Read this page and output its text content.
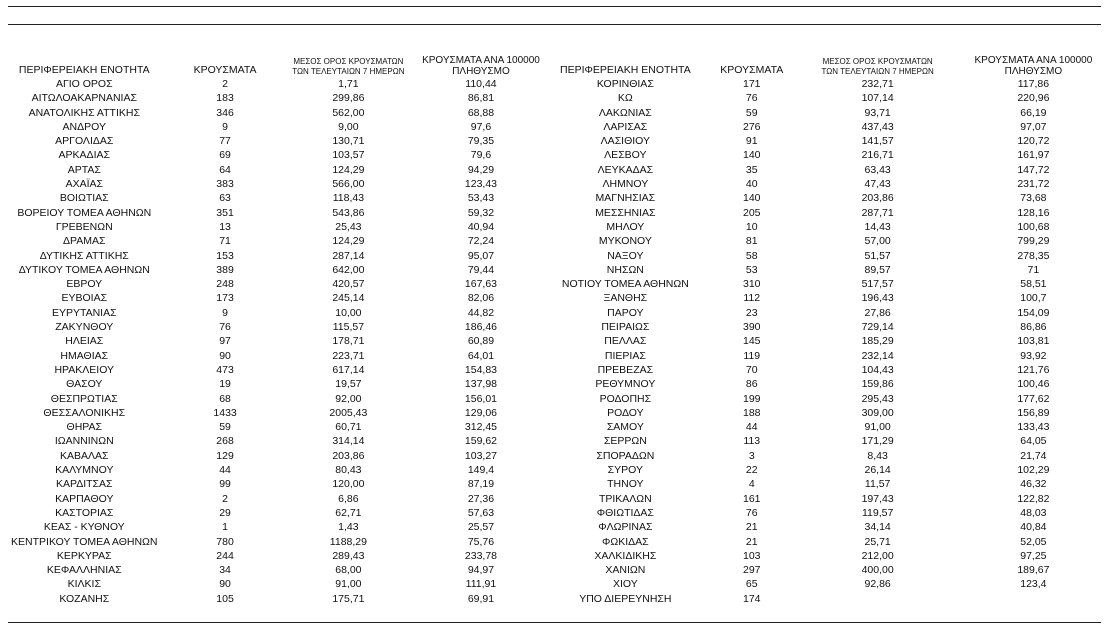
ΠΕΡΙΦΕΡΕΙΑΚΗ ΕΝΟΤΗΤΑ	ΚΡΟΥΣΜΑΤΑ	ΜΕΣΟΣ ΟΡΟΣ ΚΡΟΥΣΜΑΤΩΝ
ΤΩΝ ΤΕΛΕΥΤΑΙΩΝ 7 ΗΜΕΡΩΝ	ΚΡΟΥΣΜΑΤΑ ΑΝΑ 100000
ΠΛΗΘΥΣΜΟ	ΠΕΡΙΦΕΡΕΙΑΚΗ ΕΝΟΤΗΤΑ	ΚΡΟΥΣΜΑΤΑ	ΜΕΣΟΣ ΟΡΟΣ ΚΡΟΥΣΜΑΤΩΝ
ΤΩΝ ΤΕΛΕΥΤΑΙΩΝ 7 ΗΜΕΡΩΝ	ΚΡΟΥΣΜΑΤΑ ΑΝΑ 100000
ΠΛΗΘΥΣΜΟ

ΑΓΙΟ ΟΡΟΣ	2	1,71	110,44	ΚΟΡΙΝΘΙΑΣ	171	232,71	117,86
ΑΙΤΩΛΟΑΚΑΡΝΑΝΙΑΣ	183	299,86	86,81	ΚΩ	76	107,14	220,96
ΑΝΑΤΟΛΙΚΗΣ ΑΤΤΙΚΗΣ	346	562,00	68,88	ΛΑΚΩΝΙΑΣ	59	93,71	66,19
ΑΝΔΡΟΥ	9	9,00	97,6	ΛΑΡΙΣΑΣ	276	437,43	97,07
ΑΡΓΟΛΙΔΑΣ	77	130,71	79,35	ΛΑΣΙΘΙΟΥ	91	141,57	120,72
ΑΡΚΑΔΙΑΣ	69	103,57	79,6	ΛΕΣΒΟΥ	140	216,71	161,97
ΑΡΤΑΣ	64	124,29	94,29	ΛΕΥΚΑΔΑΣ	35	63,43	147,72
ΑΧΑΪΑΣ	383	566,00	123,43	ΛΗΜΝΟΥ	40	47,43	231,72
ΒΟΙΩΤΙΑΣ	63	118,43	53,43	ΜΑΓΝΗΣΙΑΣ	140	203,86	73,68
ΒΟΡΕΙΟΥ ΤΟΜΕΑ ΑΘΗΝΩΝ	351	543,86	59,32	ΜΕΣΣΗΝΙΑΣ	205	287,71	128,16
ΓΡΕΒΕΝΩΝ	13	25,43	40,94	ΜΗΛΟΥ	10	14,43	100,68
ΔΡΑΜΑΣ	71	124,29	72,24	ΜΥΚΟΝΟΥ	81	57,00	799,29
ΔΥΤΙΚΗΣ ΑΤΤΙΚΗΣ	153	287,14	95,07	ΝΑΞΟΥ	58	51,57	278,35
ΔΥΤΙΚΟΥ ΤΟΜΕΑ ΑΘΗΝΩΝ	389	642,00	79,44	ΝΗΣΩΝ	53	89,57	71
ΕΒΡΟΥ	248	420,57	167,63	ΝΟΤΙΟΥ ΤΟΜΕΑ ΑΘΗΝΩΝ	310	517,57	58,51
ΕΥΒΟΙΑΣ	173	245,14	82,06	ΞΑΝΘΗΣ	112	196,43	100,7
ΕΥΡΥΤΑΝΙΑΣ	9	10,00	44,82	ΠΑΡΟΥ	23	27,86	154,09
ΖΑΚΥΝΘΟΥ	76	115,57	186,46	ΠΕΙΡΑΙΩΣ	390	729,14	86,86
ΗΛΕΙΑΣ	97	178,71	60,89	ΠΕΛΛΑΣ	145	185,29	103,81
ΗΜΑΘΙΑΣ	90	223,71	64,01	ΠΙΕΡΙΑΣ	119	232,14	93,92
ΗΡΑΚΛΕΙΟΥ	473	617,14	154,83	ΠΡΕΒΕΖΑΣ	70	104,43	121,76
ΘΑΣΟΥ	19	19,57	137,98	ΡΕΘΥΜΝΟΥ	86	159,86	100,46
ΘΕΣΠΡΩΤΙΑΣ	68	92,00	156,01	ΡΟΔΟΠΗΣ	199	295,43	177,62
ΘΕΣΣΑΛΟΝΙΚΗΣ	1433	2005,43	129,06	ΡΟΔΟΥ	188	309,00	156,89
ΘΗΡΑΣ	59	60,71	312,45	ΣΑΜΟΥ	44	91,00	133,43
ΙΩΑΝΝΙΝΩΝ	268	314,14	159,62	ΣΕΡΡΩΝ	113	171,29	64,05
ΚΑΒΑΛΑΣ	129	203,86	103,27	ΣΠΟΡΑΔΩΝ	3	8,43	21,74
ΚΑΛΥΜΝΟΥ	44	80,43	149,4	ΣΥΡΟΥ	22	26,14	102,29
ΚΑΡΔΙΤΣΑΣ	99	120,00	87,19	ΤΗΝΟΥ	4	11,57	46,32
ΚΑΡΠΑΘΟΥ	2	6,86	27,36	ΤΡΙΚΑΛΩΝ	161	197,43	122,82
ΚΑΣΤΟΡΙΑΣ	29	62,71	57,63	ΦΘΙΩΤΙΔΑΣ	76	119,57	48,03
ΚΕΑΣ - ΚΥΘΝΟΥ	1	1,43	25,57	ΦΛΩΡΙΝΑΣ	21	34,14	40,84
ΚΕΝΤΡΙΚΟΥ ΤΟΜΕΑ ΑΘΗΝΩΝ	780	1188,29	75,76	ΦΩΚΙΔΑΣ	21	25,71	52,05
ΚΕΡΚΥΡΑΣ	244	289,43	233,78	ΧΑΛΚΙΔΙΚΗΣ	103	212,00	97,25
ΚΕΦΑΛΛΗΝΙΑΣ	34	68,00	94,97	ΧΑΝΙΩΝ	297	400,00	189,67
ΚΙΛΚΙΣ	90	91,00	111,91	ΧΙΟΥ	65	92,86	123,4
ΚΟΖΑΝΗΣ	105	175,71	69,91	ΥΠΟ ΔΙΕΡΕΥΝΗΣΗ	174		
